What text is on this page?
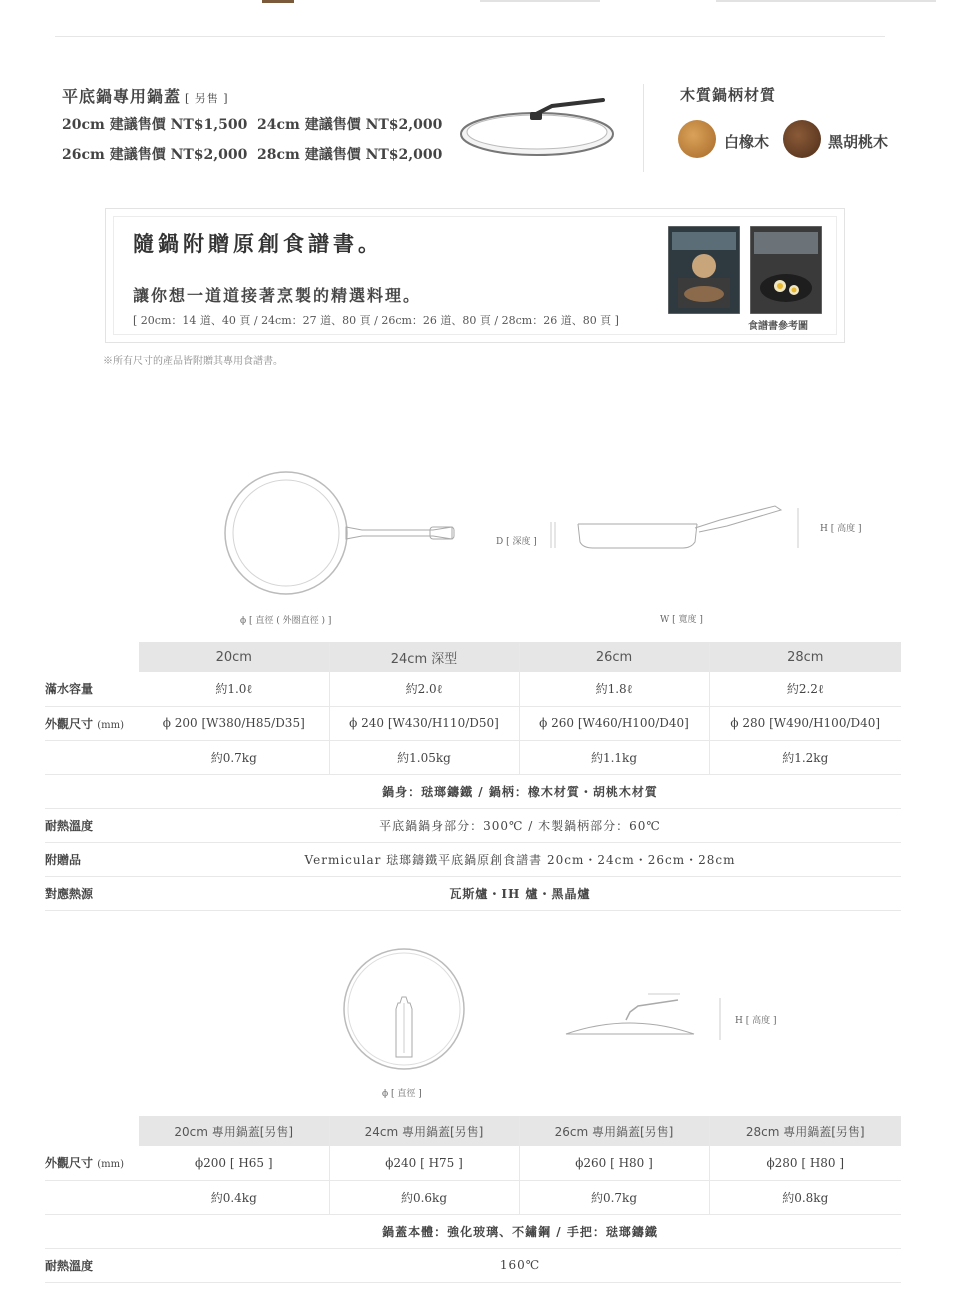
平底鍋專用鍋蓋 [ 另售 ]
20cm 建議售價 NT$1,500 24cm 建議售價 NT$2,000
26cm 建議售價 NT$2,000 28cm 建議售價 NT$2,000
木質鍋柄材質
白橡木	黑胡桃木
隨鍋附贈原創食譜書。
讓你想一道道接著烹製的精選料理。
[ 20cm：14 道、40 頁 / 24cm：27 道、80 頁 / 26cm：26 道、80 頁 / 28cm：26 道、80 頁 ]	食譜書參考圖
※所有尺寸的產品皆附贈其專用食譜書。
ϕ [ 直徑 ( 外圈直徑 ) ]
D [ 深度 ]
H [ 高度 ]
W [ 寬度 ]
	20cm	24cm 深型	26cm	28cm
滿水容量	約1.0ℓ	約2.0ℓ	約1.8ℓ	約2.2ℓ
外觀尺寸 (mm)	ϕ 200 [W380/H85/D35]	ϕ 240 [W430/H110/D50]	ϕ 260 [W460/H100/D40]	ϕ 280 [W490/H100/D40]
	約0.7kg	約1.05kg	約1.1kg	約1.2kg
	鍋身：琺瑯鑄鐵 / 鍋柄：橡木材質・胡桃木材質			
耐熱溫度	平底鍋鍋身部分：300℃ / 木製鍋柄部分：60℃			
附贈品	Vermicular 琺瑯鑄鐵平底鍋原創食譜書 20cm・24cm・26cm・28cm			
對應熱源	瓦斯爐・IH 爐・黑晶爐			
ϕ [ 直徑 ]
H [ 高度 ]
	20cm 專用鍋蓋[另售]	24cm 專用鍋蓋[另售]	26cm 專用鍋蓋[另售]	28cm 專用鍋蓋[另售]
外觀尺寸 (mm)	ϕ200 [ H65 ]	ϕ240 [ H75 ]	ϕ260 [ H80 ]	ϕ280 [ H80 ]
	約0.4kg	約0.6kg	約0.7kg	約0.8kg
	鍋蓋本體：強化玻璃、不鏽鋼 / 手把：琺瑯鑄鐵			
耐熱溫度	160℃			
